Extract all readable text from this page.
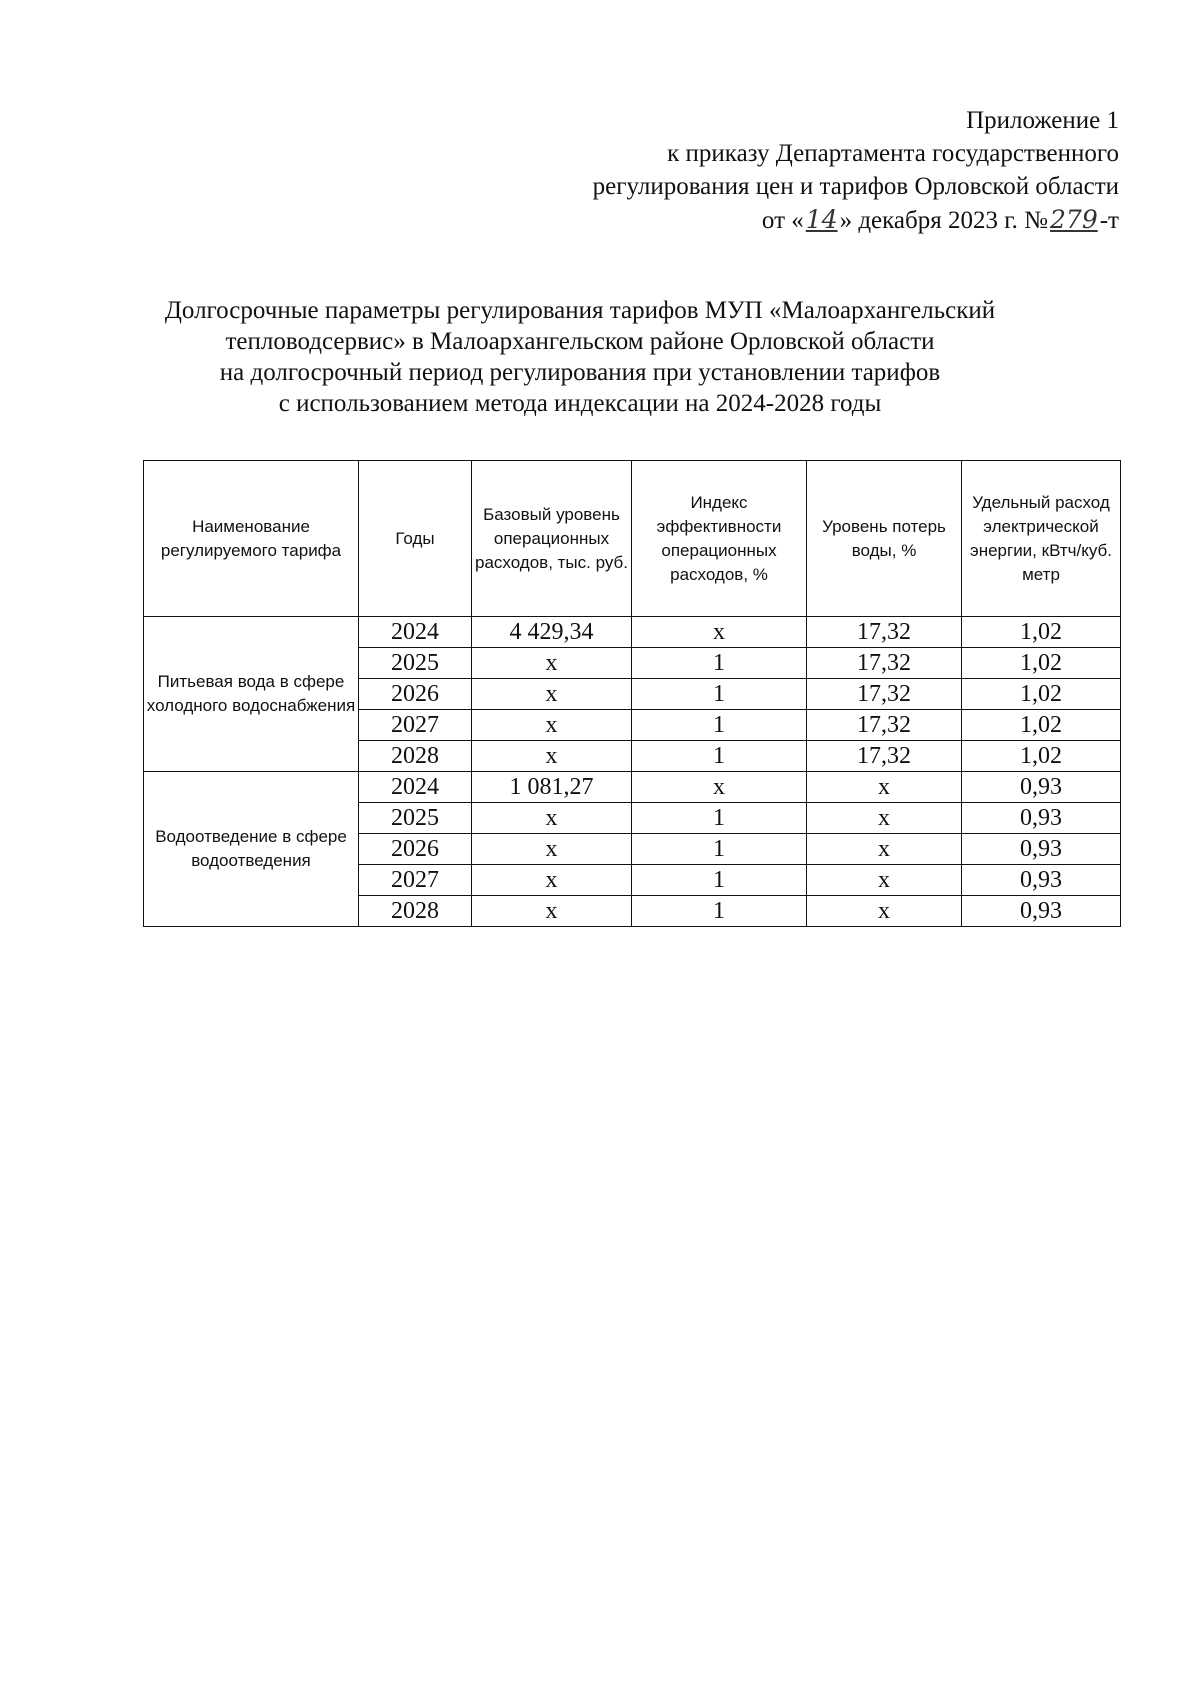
Приложение 1
к приказу Департамента государственного
регулирования цен и тарифов Орловской области
от «14» декабря 2023 г. №279-т
Долгосрочные параметры регулирования тарифов МУП «Малоархангельский
тепловодсервис» в Малоархангельском районе Орловской области
на долгосрочный период регулирования при установлении тарифов
с использованием метода индексации на 2024-2028 годы
Наименование регулируемого тарифа	Годы	Базовый уровень операционных расходов, тыс. руб.	Индекс эффективности операционных расходов, %	Уровень потерь воды, %	Удельный расход электрической энергии, кВтч/куб. метр
Питьевая вода в сфере холодного водоснабжения	2024	4 429,34	х	17,32	1,02
	2025	х	1	17,32	1,02
	2026	х	1	17,32	1,02
	2027	х	1	17,32	1,02
	2028	х	1	17,32	1,02
Водоотведение в сфере водоотведения	2024	1 081,27	х	х	0,93
	2025	х	1	х	0,93
	2026	х	1	х	0,93
	2027	х	1	х	0,93
	2028	х	1	х	0,93
